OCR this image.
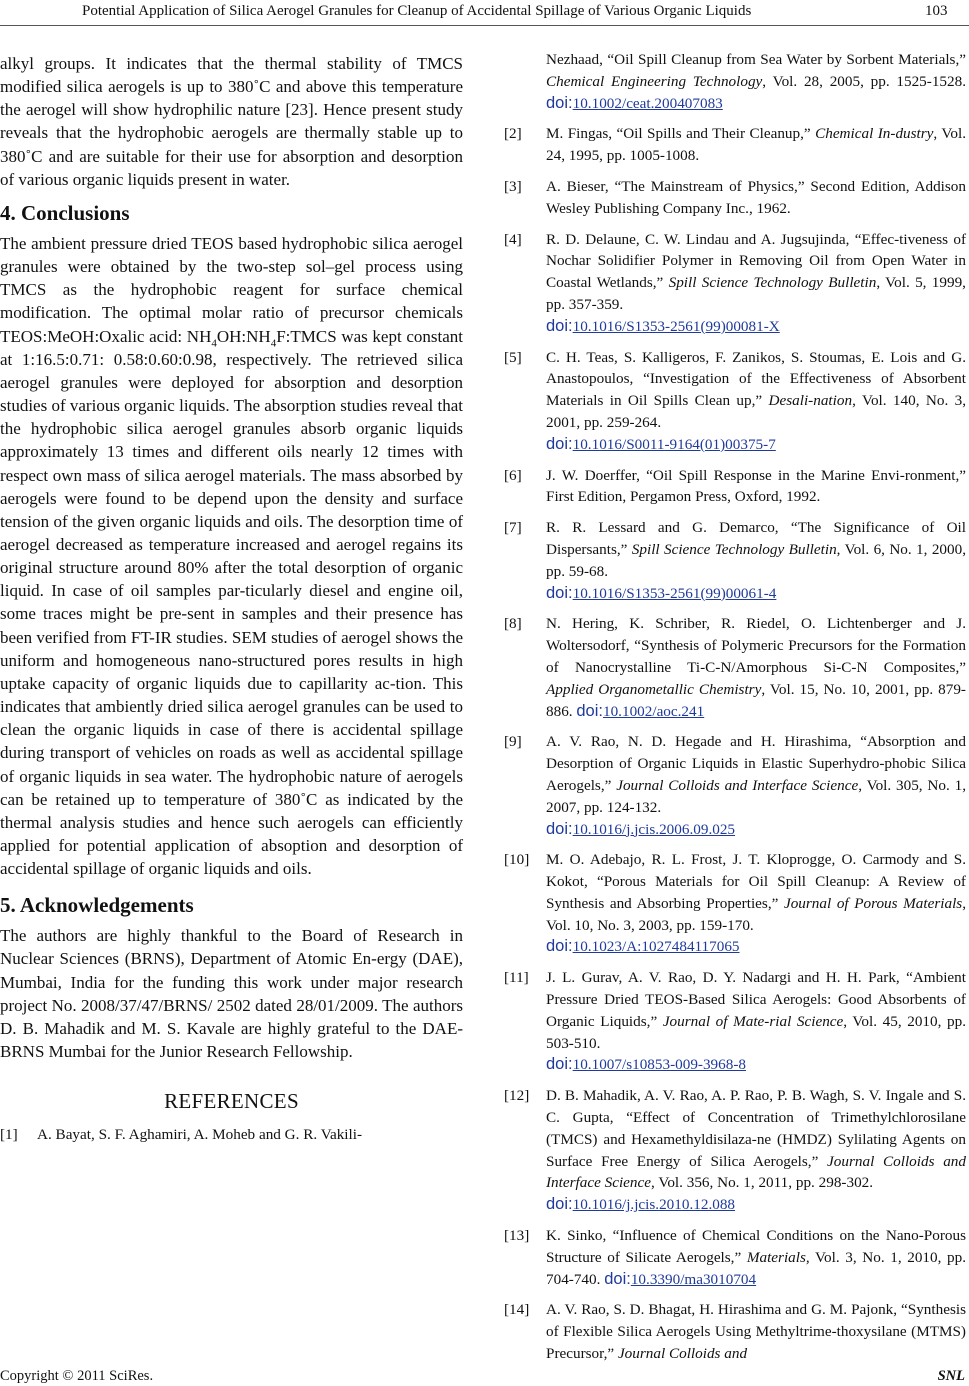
Potential Application of Silica Aerogel Granules for Cleanup of Accidental Spillage of Various Organic Liquids	103

alkyl groups. It indicates that the thermal stability of TMCS modified silica aerogels is up to 380˚C and above this temperature the aerogel will show hydrophilic nature [23]. Hence present study reveals that the hydrophobic aerogels are thermally stable up to 380˚C and are suitable for their use for absorption and desorption of various organic liquids present in water.

4. Conclusions

The ambient pressure dried TEOS based hydrophobic silica aerogel granules were obtained by the two-step sol–gel process using TMCS as the hydrophobic reagent for surface chemical modification. The optimal molar ratio of precursor chemicals TEOS:MeOH:Oxalic acid: $NH_4OH:NH_4F:TMCS$ was kept constant at 1:16.5:0.71: 0.58:0.60:0.98, respectively. The retrieved silica aerogel granules were deployed for absorption and desorption studies of various organic liquids. The absorption studies reveal that the hydrophobic silica aerogel granules absorb organic liquids approximately 13 times and different oils nearly 12 times with respect own mass of silica aerogel materials. The mass absorbed by aerogels were found to be depend upon the density and surface tension of the given organic liquids and oils. The desorption time of aerogel decreased as temperature increased and aerogel regains its original structure around 80% after the total desorption of organic liquid. In case of oil samples par-ticularly diesel and engine oil, some traces might be pre-sent in samples and their presence has been verified from FT-IR studies. SEM studies of aerogel shows the uniform and homogeneous nano-structured pores results in high uptake capacity of organic liquids due to capillarity ac-tion. This indicates that ambiently dried silica aerogel granules can be used to clean the organic liquids in case of there is accidental spillage during transport of vehicles on roads as well as accidental spillage of organic liquids in sea water. The hydrophobic nature of aerogels can be retained up to temperature of 380˚C as indicated by the thermal analysis studies and hence such aerogels can efficiently applied for potential application of absoption and desorption of accidental spillage of organic liquids and oils.

5. Acknowledgements

The authors are highly thankful to the Board of Research in Nuclear Sciences (BRNS), Department of Atomic En-ergy (DAE), Mumbai, India for the funding this work under major research project No. 2008/37/47/BRNS/ 2502 dated 28/01/2009. The authors D. B. Mahadik and M. S. Kavale are highly grateful to the DAE-BRNS Mumbai for the Junior Research Fellowship.

REFERENCES
[1] A. Bayat, S. F. Aghamiri, A. Moheb and G. R. Vakili-
Nezhaad, “Oil Spill Cleanup from Sea Water by Sorbent Materials,” Chemical Engineering Technology, Vol. 28, 2005, pp. 1525-1528. doi:10.1002/ceat.200407083
[2] M. Fingas, “Oil Spills and Their Cleanup,” Chemical In-dustry, Vol. 24, 1995, pp. 1005-1008.
[3] A. Bieser, “The Mainstream of Physics,” Second Edition, Addison Wesley Publishing Company Inc., 1962.
[4] R. D. Delaune, C. W. Lindau and A. Jugsujinda, “Effec-tiveness of Nochar Solidifier Polymer in Removing Oil from Open Water in Coastal Wetlands,” Spill Science Technology Bulletin, Vol. 5, 1999, pp. 357-359.
doi:10.1016/S1353-2561(99)00081-X
[5] C. H. Teas, S. Kalligeros, F. Zanikos, S. Stoumas, E. Lois and G. Anastopoulos, “Investigation of the Effectiveness of Absorbent Materials in Oil Spills Clean up,” Desali-nation, Vol. 140, No. 3, 2001, pp. 259-264.
doi:10.1016/S0011-9164(01)00375-7
[6] J. W. Doerffer, “Oil Spill Response in the Marine Envi-ronment,” First Edition, Pergamon Press, Oxford, 1992.
[7] R. R. Lessard and G. Demarco, “The Significance of Oil Dispersants,” Spill Science Technology Bulletin, Vol. 6, No. 1, 2000, pp. 59-68.
doi:10.1016/S1353-2561(99)00061-4
[8] N. Hering, K. Schriber, R. Riedel, O. Lichtenberger and J. Woltersodorf, “Synthesis of Polymeric Precursors for the Formation of Nanocrystalline Ti-C-N/Amorphous Si-C-N Composites,” Applied Organometallic Chemistry, Vol. 15, No. 10, 2001, pp. 879-886. doi:10.1002/aoc.241
[9] A. V. Rao, N. D. Hegade and H. Hirashima, “Absorption and Desorption of Organic Liquids in Elastic Superhydro-phobic Silica Aerogels,” Journal Colloids and Interface Science, Vol. 305, No. 1, 2007, pp. 124-132.
doi:10.1016/j.jcis.2006.09.025
[10] M. O. Adebajo, R. L. Frost, J. T. Kloprogge, O. Carmody and S. Kokot, “Porous Materials for Oil Spill Cleanup: A Review of Synthesis and Absorbing Properties,” Journal of Porous Materials, Vol. 10, No. 3, 2003, pp. 159-170.
doi:10.1023/A:1027484117065
[11] J. L. Gurav, A. V. Rao, D. Y. Nadargi and H. H. Park, “Ambient Pressure Dried TEOS-Based Silica Aerogels: Good Absorbents of Organic Liquids,” Journal of Mate-rial Science, Vol. 45, 2010, pp. 503-510.
doi:10.1007/s10853-009-3968-8
[12] D. B. Mahadik, A. V. Rao, A. P. Rao, P. B. Wagh, S. V. Ingale and S. C. Gupta, “Effect of Concentration of Trimethylchlorosilane (TMCS) and Hexamethyldisilaza-ne (HMDZ) Sylilating Agents on Surface Free Energy of Silica Aerogels,” Journal Colloids and Interface Science, Vol. 356, No. 1, 2011, pp. 298-302.
doi:10.1016/j.jcis.2010.12.088
[13] K. Sinko, “Influence of Chemical Conditions on the Nano-Porous Structure of Silicate Aerogels,” Materials, Vol. 3, No. 1, 2010, pp. 704-740. doi:10.3390/ma3010704
[14] A. V. Rao, S. D. Bhagat, H. Hirashima and G. M. Pajonk, “Synthesis of Flexible Silica Aerogels Using Methyltrime-thoxysilane (MTMS) Precursor,” Journal Colloids and
Copyright © 2011 SciRes.	SNL
